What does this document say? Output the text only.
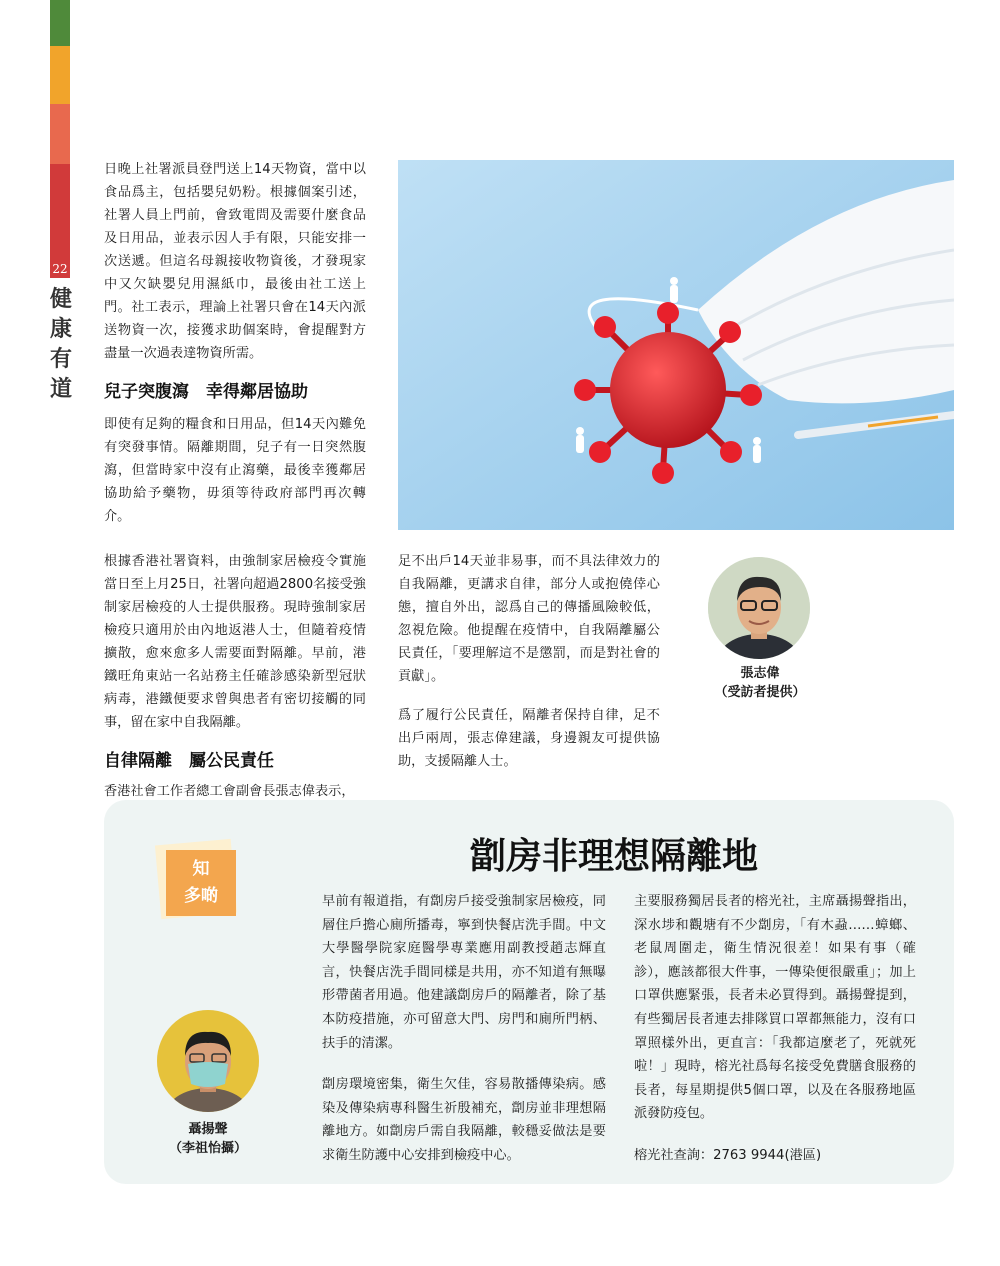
22
健康有道

日晚上社署派員登門送上14天物資，當中以食品爲主，包括嬰兒奶粉。根據個案引述，社署人員上門前，會致電問及需要什麼食品及日用品，並表示因人手有限，只能安排一次送遞。但這名母親接收物資後，才發現家中又欠缺嬰兒用濕紙巾，最後由社工送上門。社工表示，理論上社署只會在14天內派送物資一次，接獲求助個案時，會提醒對方盡量一次過表達物資所需。

兒子突腹瀉　幸得鄰居協助

即使有足夠的糧食和日用品，但14天內難免有突發事情。隔離期間，兒子有一日突然腹瀉，但當時家中沒有止瀉藥，最後幸獲鄰居協助給予藥物，毋須等待政府部門再次轉介。

根據香港社署資料，由強制家居檢疫令實施當日至上月25日，社署向超過2800名接受強制家居檢疫的人士提供服務。現時強制家居檢疫只適用於由內地返港人士，但隨着疫情擴散，愈來愈多人需要面對隔離。早前，港鐵旺角東站一名站務主任確診感染新型冠狀病毒，港鐵便要求曾與患者有密切接觸的同事，留在家中自我隔離。

自律隔離　屬公民責任

香港社會工作者總工會副會長張志偉表示，

足不出戶14天並非易事，而不具法律效力的自我隔離，更講求自律，部分人或抱僥倖心態，擅自外出，認爲自己的傳播風險較低，忽視危險。他提醒在疫情中，自我隔離屬公民責任，「要理解這不是懲罰，而是對社會的貢獻」。

爲了履行公民責任，隔離者保持自律，足不出戶兩周，張志偉建議，身邊親友可提供協助，支援隔離人士。

張志偉
（受訪者提供）
知
多啲
劏房非理想隔離地

早前有報道指，有劏房戶接受強制家居檢疫，同層住戶擔心廁所播毒，寧到快餐店洗手間。中文大學醫學院家庭醫學專業應用副教授趙志輝直言，快餐店洗手間同樣是共用，亦不知道有無曝形帶菌者用過。他建議劏房戶的隔離者，除了基本防疫措施，亦可留意大門、房門和廁所門柄、扶手的清潔。

劏房環境密集，衛生欠佳，容易散播傳染病。感染及傳染病專科醫生祈殷補充，劏房並非理想隔離地方。如劏房戶需自我隔離，較穩妥做法是要求衛生防護中心安排到檢疫中心。

主要服務獨居長者的榕光社，主席聶揚聲指出，深水埗和觀塘有不少劏房，「有木蝨……蟑螂、老鼠周圍走，衛生情況很差！如果有事（確診），應該都很大件事，一傳染便很嚴重」；加上口罩供應緊張，長者未必買得到。聶揚聲提到，有些獨居長者連去排隊買口罩都無能力，沒有口罩照樣外出，更直言：「我都這麼老了，死就死啦！」現時，榕光社爲每名接受免費膳食服務的長者，每星期提供5個口罩，以及在各服務地區派發防疫包。

榕光社查詢：2763 9944(港區)

聶揚聲
（李祖怡攝）
